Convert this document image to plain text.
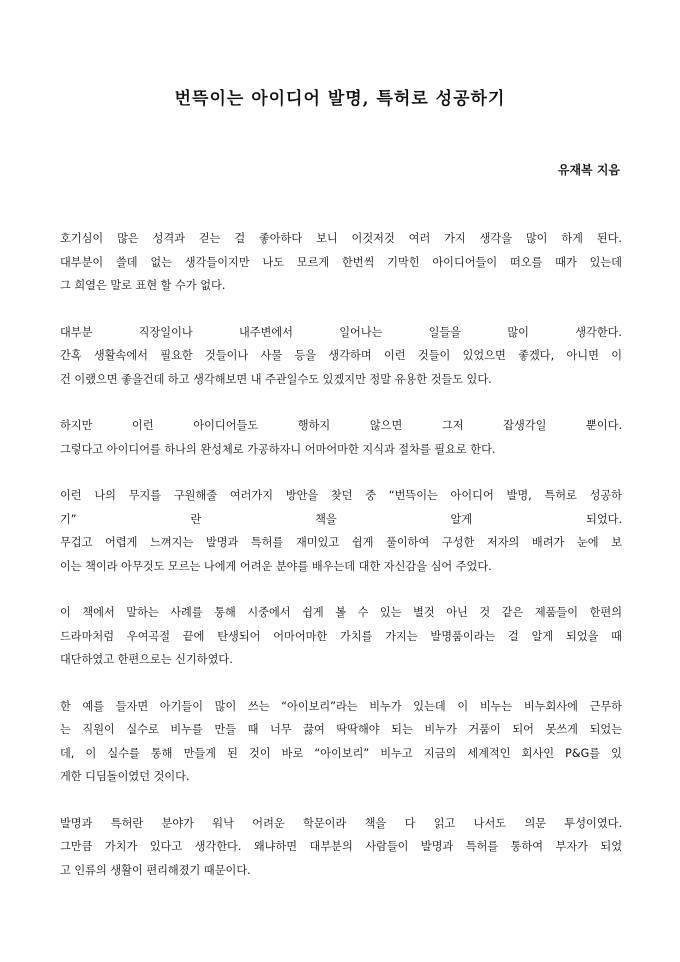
번뜩이는 아이디어 발명, 특허로 성공하기
유재복 지음
호기심이 많은 성격과 걷는 걸 좋아하다 보니 이것저것 여러 가지 생각을 많이 하게 된다.
대부분이 쓸데 없는 생각들이지만 나도 모르게 한번씩 기막힌 아이디어들이 떠오를 때가 있는데
그 희열은 말로 표현 할 수가 없다.
대부분 직장일이나 내주변에서 일어나는 일들을 많이 생각한다.
간혹 생활속에서 필요한 것들이나 사물 등을 생각하며 이런 것들이 있었으면 좋겠다, 아니면 이
건 이랬으면 좋을건데 하고 생각해보면 내 주관일수도 있겠지만 정말 유용한 것들도 있다.
하지만 이런 아이디어들도 행하지 않으면 그저 잡생각일 뿐이다.
그렇다고 아이디어를 하나의 완성체로 가공하자니 어마어마한 지식과 절차를 필요로 한다.
이런 나의 무지를 구원해줄 여러가지 방안을 찾던 중 “번뜩이는 아이디어 발명, 특허로 성공하
기” 란 책을 알게 되었다.
무겁고 어렵게 느껴지는 발명과 특허를 재미있고 쉽게 풀이하여 구성한 저자의 배려가 눈에 보
이는 책이라 아무것도 모르는 나에게 어려운 분야를 배우는데 대한 자신감을 심어 주었다.
이 책에서 말하는 사례를 통해 시중에서 쉽게 볼 수 있는 별것 아닌 것 같은 제품들이 한편의
드라마처럼 우여곡절 끝에 탄생되어 어마어마한 가치를 가지는 발명품이라는 걸 알게 되었을 때
대단하였고 한편으로는 신기하였다.
한 예를 들자면 아기들이 많이 쓰는 “아이보리”라는 비누가 있는데 이 비누는 비누회사에 근무하
는 직원이 실수로 비누를 만들 때 너무 끓여 딱딱해야 되는 비누가 거품이 되어 못쓰게 되었는
데, 이 실수를 통해 만들게 된 것이 바로 “아이보리” 비누고 지금의 세계적인 회사인 P&G를 있
게한 디딤돌이였던 것이다.
발명과 특허란 분야가 워낙 어려운 학문이라 책을 다 읽고 나서도 의문 투성이였다.
그만큼 가치가 있다고 생각한다. 왜냐하면 대부분의 사람들이 발명과 특허를 통하여 부자가 되었
고 인류의 생활이 편리해졌기 때문이다.
